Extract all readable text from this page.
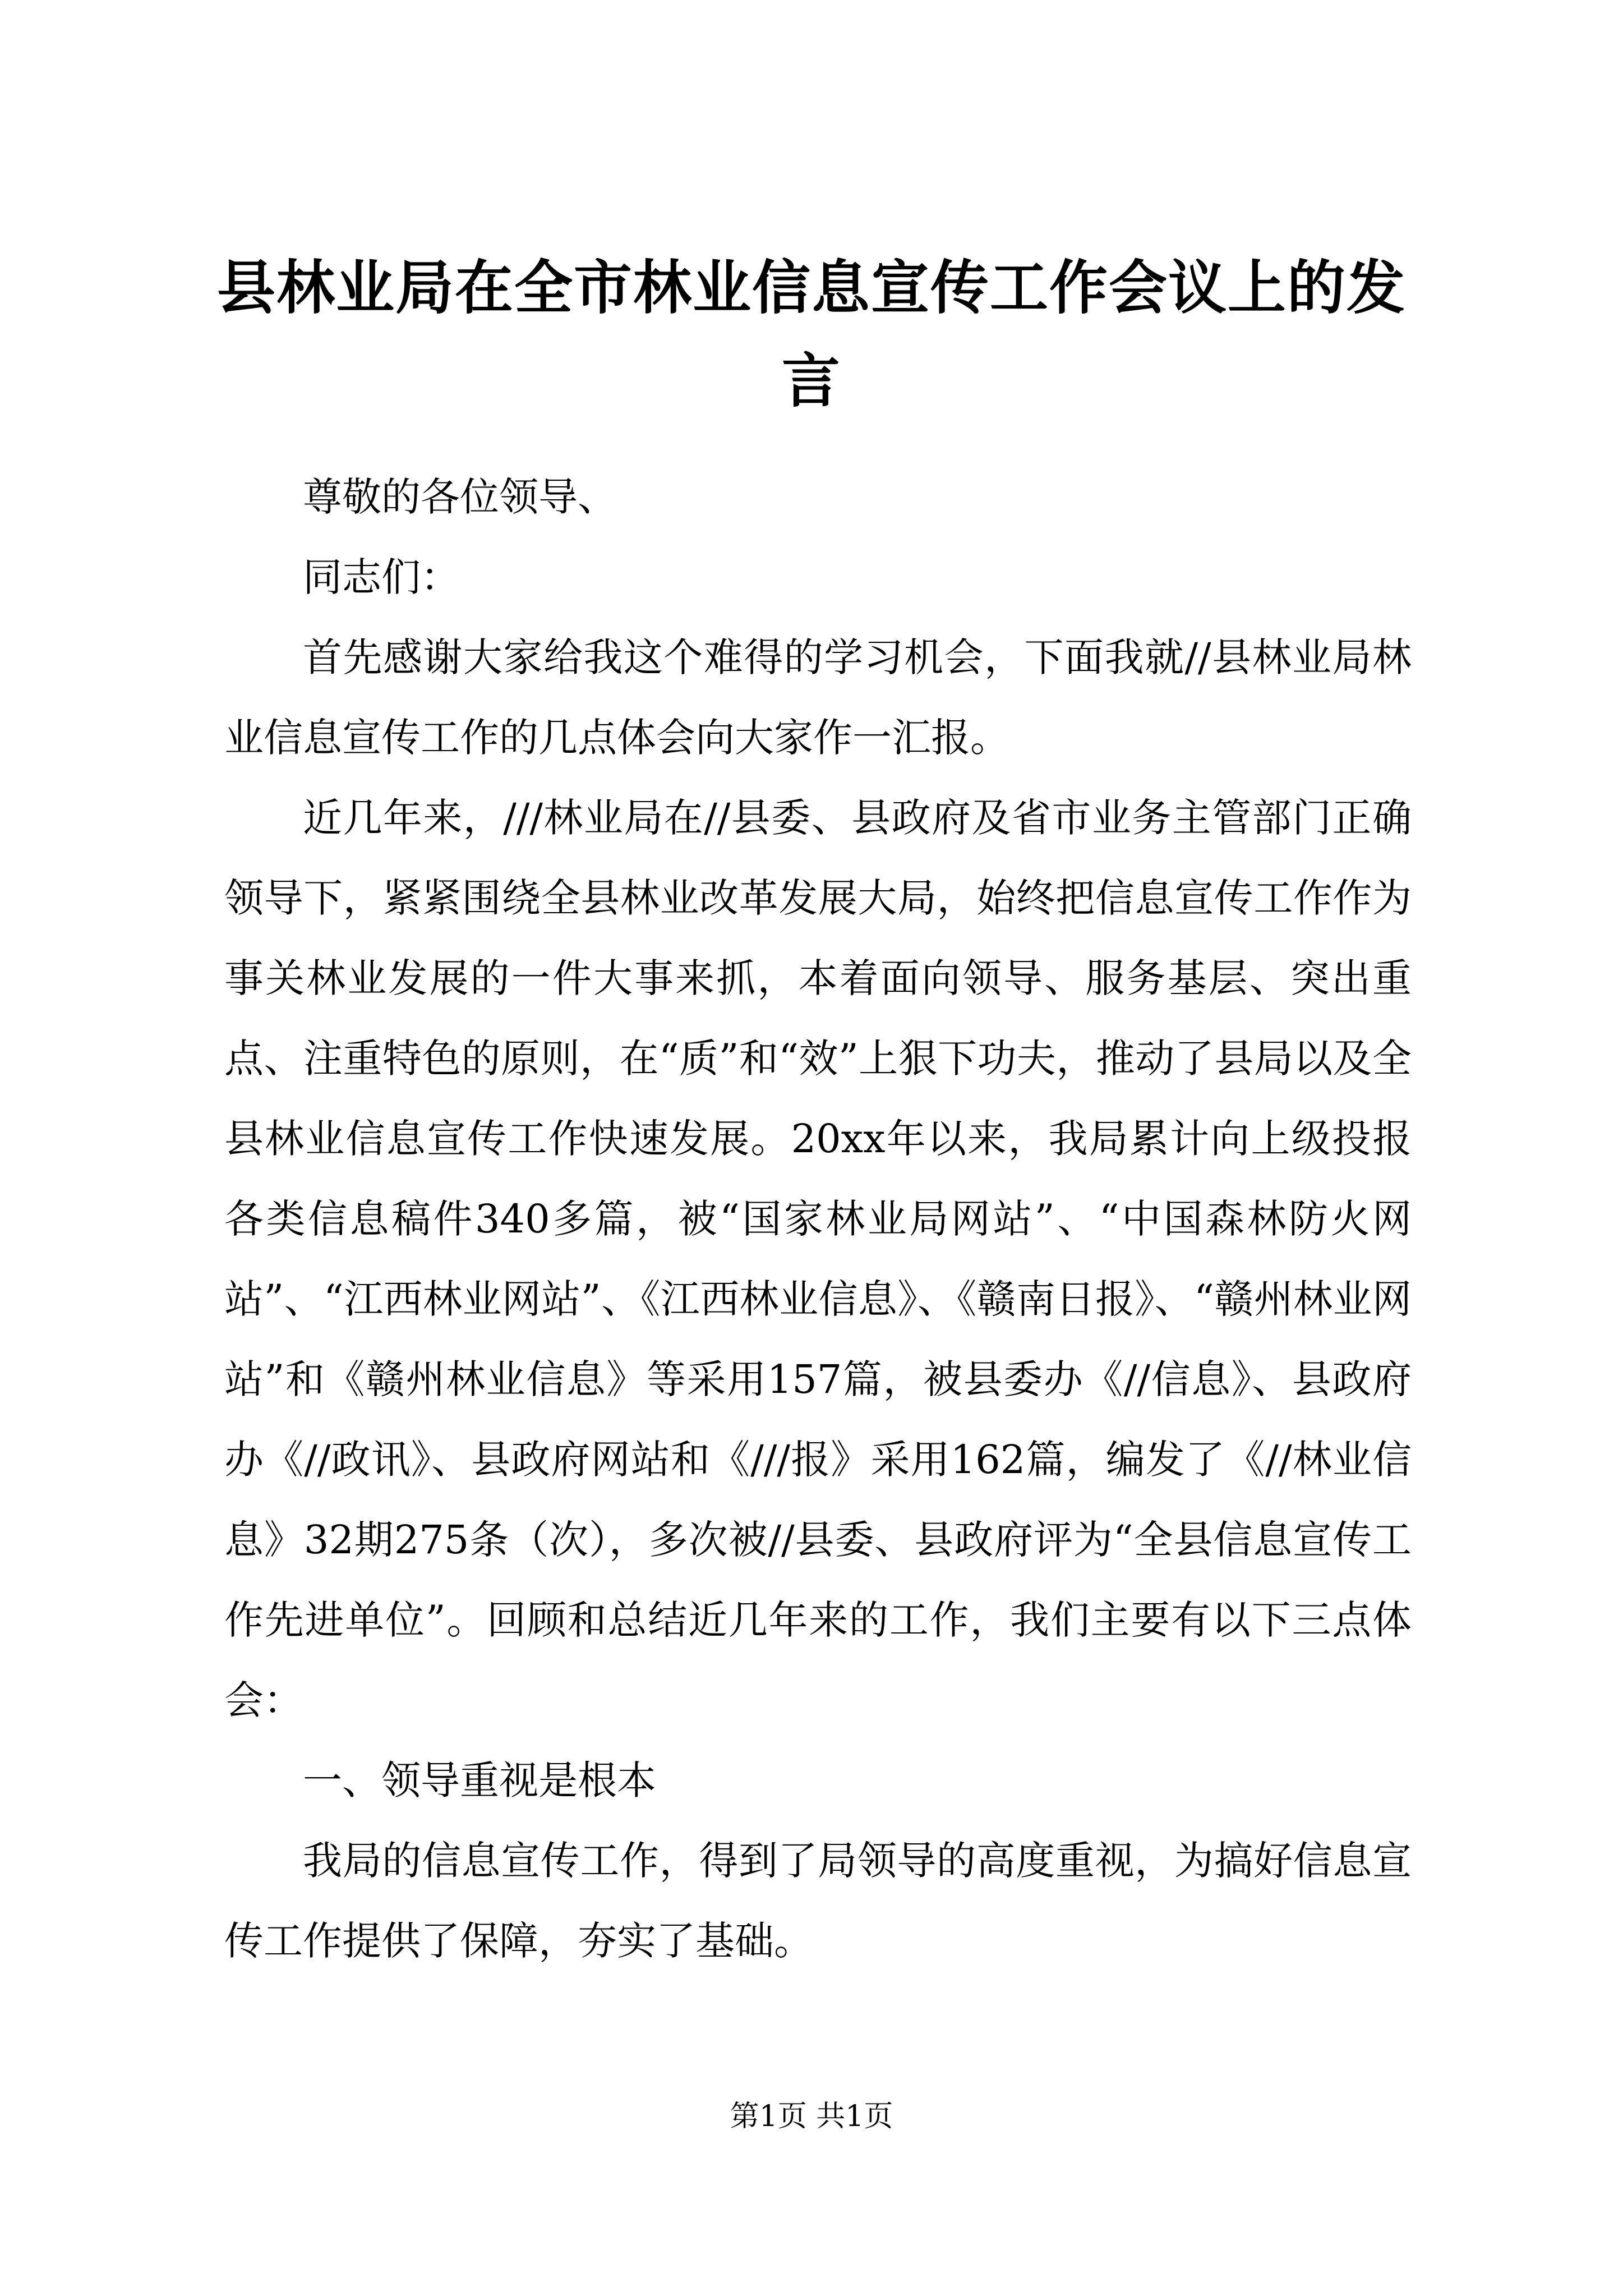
县林业局在全市林业信息宣传工作会议上的发言

尊敬的各位领导、

同志们：

首先感谢大家给我这个难得的学习机会，下面我就//县林业局林业信息宣传工作的几点体会向大家作一汇报。

近几年来，///林业局在//县委、县政府及省市业务主管部门正确领导下，紧紧围绕全县林业改革发展大局，始终把信息宣传工作作为事关林业发展的一件大事来抓，本着面向领导、服务基层、突出重点、注重特色的原则，在“质”和“效”上狠下功夫，推动了县局以及全县林业信息宣传工作快速发展。20xx年以来，我局累计向上级投报各类信息稿件340多篇，被“国家林业局网站”、“中国森林防火网站”、“江西林业网站”、《江西林业信息》、《赣南日报》、“赣州林业网站”和《赣州林业信息》等采用157篇，被县委办《//信息》、县政府办《//政讯》、县政府网站和《///报》采用162篇，编发了《//林业信息》32期275条（次），多次被//县委、县政府评为“全县信息宣传工作先进单位”。回顾和总结近几年来的工作，我们主要有以下三点体会：

一、领导重视是根本

我局的信息宣传工作，得到了局领导的高度重视，为搞好信息宣传工作提供了保障，夯实了基础。

第1页 共1页
